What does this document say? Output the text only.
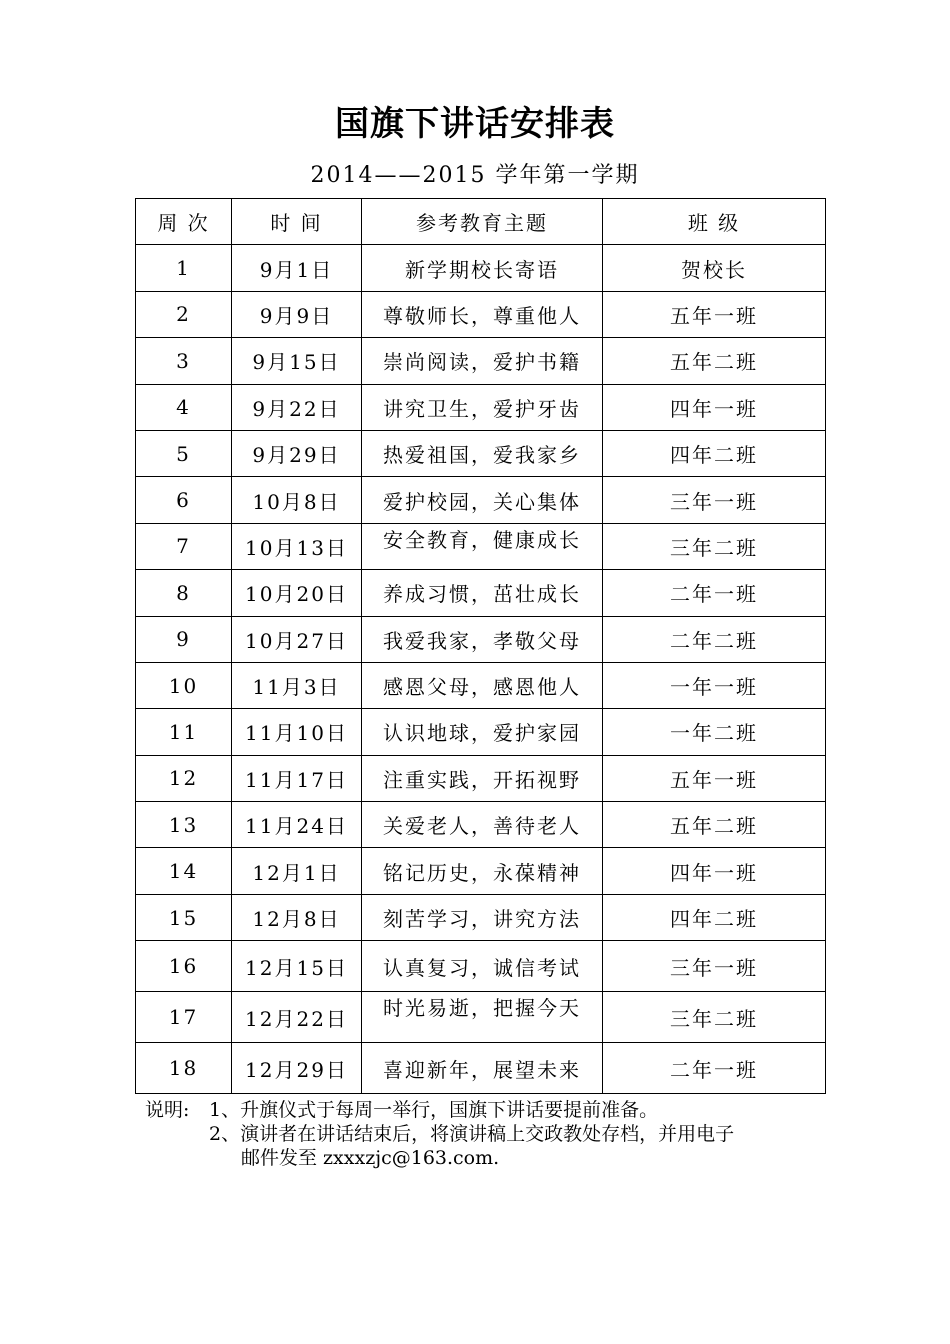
国旗下讲话安排表
2014——2015 学年第一学期
周 次	时 间	参考教育主题	班 级
1	9月1日	新学期校长寄语	贺校长
2	9月9日	尊敬师长，尊重他人	五年一班
3	9月15日	崇尚阅读，爱护书籍	五年二班
4	9月22日	讲究卫生，爱护牙齿	四年一班
5	9月29日	热爱祖国，爱我家乡	四年二班
6	10月8日	爱护校园，关心集体	三年一班
7	10月13日	安全教育，健康成长	三年二班
8	10月20日	养成习惯，茁壮成长	二年一班
9	10月27日	我爱我家，孝敬父母	二年二班
10	11月3日	感恩父母，感恩他人	一年一班
11	11月10日	认识地球，爱护家园	一年二班
12	11月17日	注重实践，开拓视野	五年一班
13	11月24日	关爱老人，善待老人	五年二班
14	12月1日	铭记历史，永葆精神	四年一班
15	12月8日	刻苦学习，讲究方法	四年二班
16	12月15日	认真复习，诚信考试	三年一班
17	12月22日	时光易逝，把握今天	三年二班
18	12月29日	喜迎新年，展望未来	二年一班
说明:	1、升旗仪式于每周一举行，国旗下讲话要提前准备。
2、演讲者在讲话结束后，将演讲稿上交政教处存档，并用电子
邮件发至 zxxxzjc@163.com.
